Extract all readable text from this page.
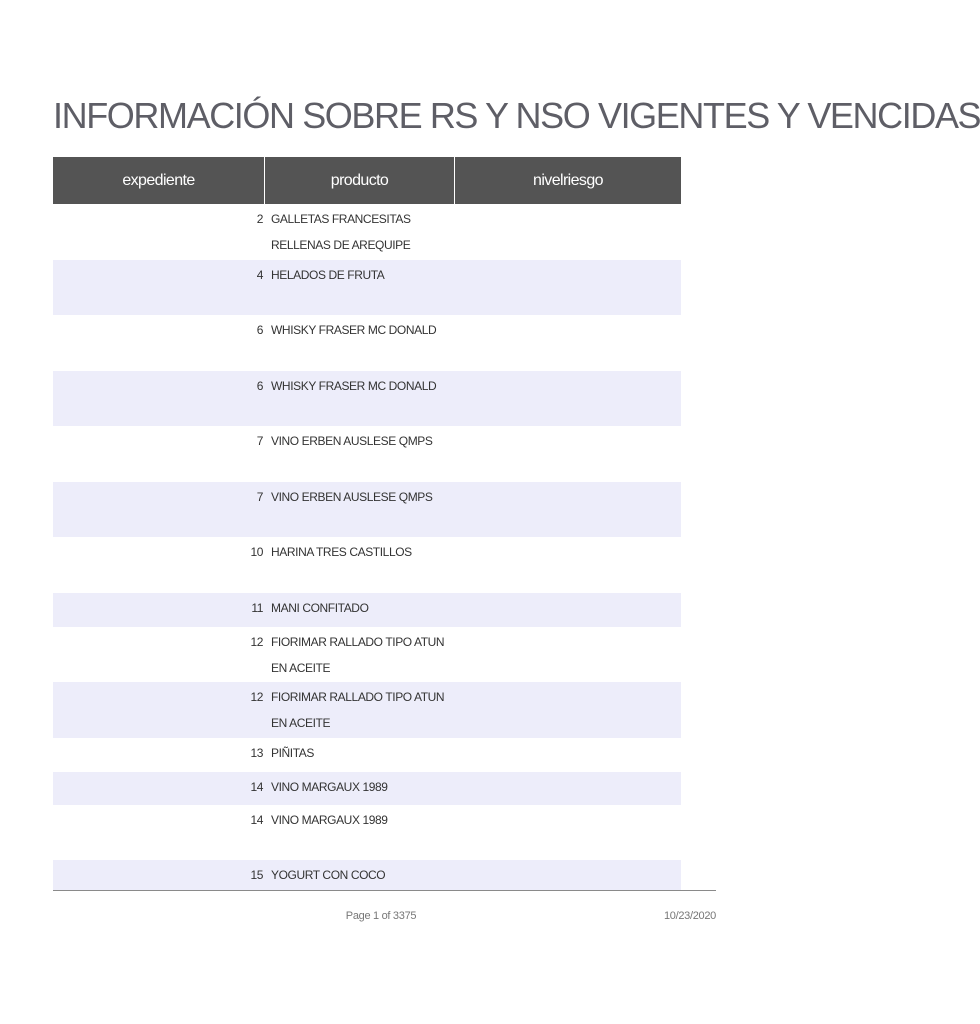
INFORMACIÓN SOBRE RS Y NSO VIGENTES Y VENCIDAS
expediente	producto	nivelriesgo
2 GALLETAS FRANCESITAS RELLENAS DE AREQUIPE
4 HELADOS DE FRUTA
6 WHISKY FRASER MC DONALD
6 WHISKY FRASER MC DONALD
7 VINO ERBEN AUSLESE QMPS
7 VINO ERBEN AUSLESE QMPS
10 HARINA TRES CASTILLOS
11 MANI CONFITADO
12 FIORIMAR RALLADO TIPO ATUN EN ACEITE
12 FIORIMAR RALLADO TIPO ATUN EN ACEITE
13 PIÑITAS
14 VINO MARGAUX 1989
14 VINO MARGAUX 1989
15 YOGURT CON COCO
Page 1 of 3375	10/23/2020
